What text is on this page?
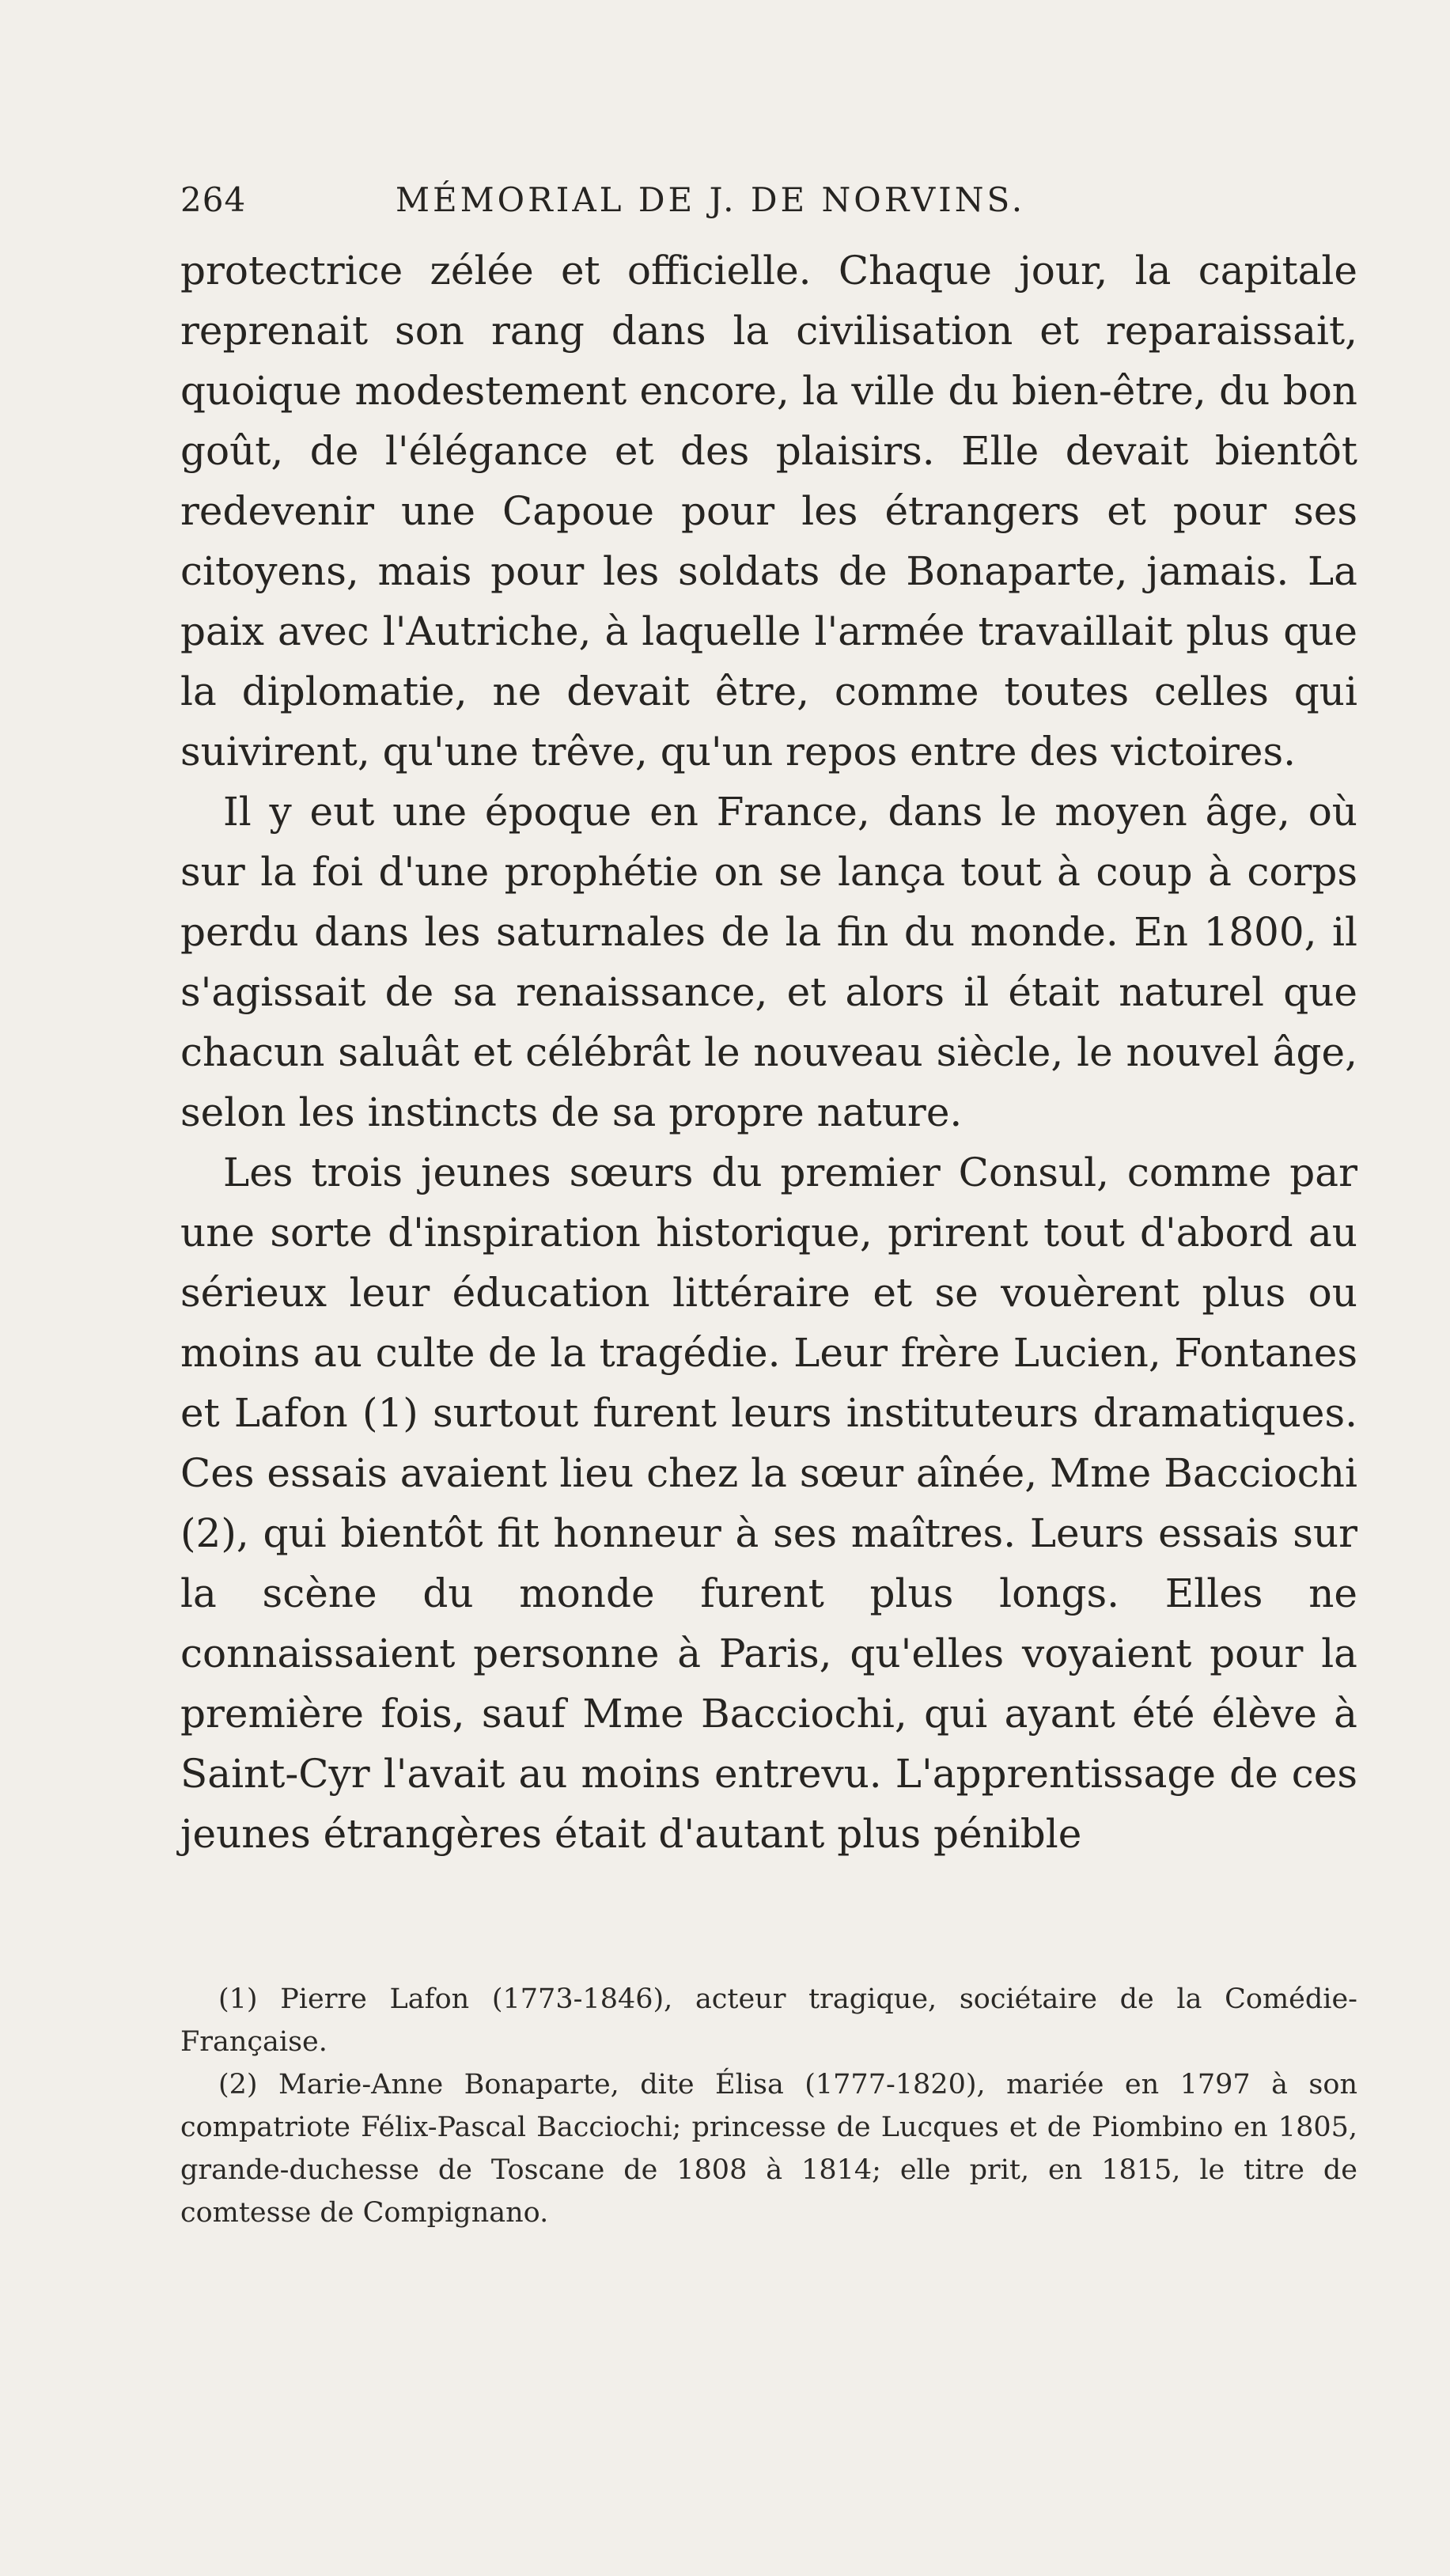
264	MÉMORIAL DE J. DE NORVINS.

protectrice zélée et officielle. Chaque jour, la capitale reprenait son rang dans la civilisation et reparaissait, quoique modestement encore, la ville du bien-être, du bon goût, de l'élégance et des plaisirs. Elle devait bientôt redevenir une Capoue pour les étrangers et pour ses citoyens, mais pour les soldats de Bonaparte, jamais. La paix avec l'Autriche, à laquelle l'armée travaillait plus que la diplomatie, ne devait être, comme toutes celles qui suivirent, qu'une trêve, qu'un repos entre des victoires.

Il y eut une époque en France, dans le moyen âge, où sur la foi d'une prophétie on se lança tout à coup à corps perdu dans les saturnales de la fin du monde. En 1800, il s'agissait de sa renaissance, et alors il était naturel que chacun saluât et célébrât le nouveau siècle, le nouvel âge, selon les instincts de sa propre nature.

Les trois jeunes sœurs du premier Consul, comme par une sorte d'inspiration historique, prirent tout d'abord au sérieux leur éducation littéraire et se vouèrent plus ou moins au culte de la tragédie. Leur frère Lucien, Fontanes et Lafon (1) surtout furent leurs instituteurs dramatiques. Ces essais avaient lieu chez la sœur aînée, Mme Bacciochi (2), qui bientôt fit honneur à ses maîtres. Leurs essais sur la scène du monde furent plus longs. Elles ne connaissaient personne à Paris, qu'elles voyaient pour la première fois, sauf Mme Bacciochi, qui ayant été élève à Saint-Cyr l'avait au moins entrevu. L'apprentissage de ces jeunes étrangères était d'autant plus pénible

(1) Pierre Lafon (1773-1846), acteur tragique, sociétaire de la Comédie-Française.

(2) Marie-Anne Bonaparte, dite Élisa (1777-1820), mariée en 1797 à son compatriote Félix-Pascal Bacciochi; princesse de Lucques et de Piombino en 1805, grande-duchesse de Toscane de 1808 à 1814; elle prit, en 1815, le titre de comtesse de Compignano.
